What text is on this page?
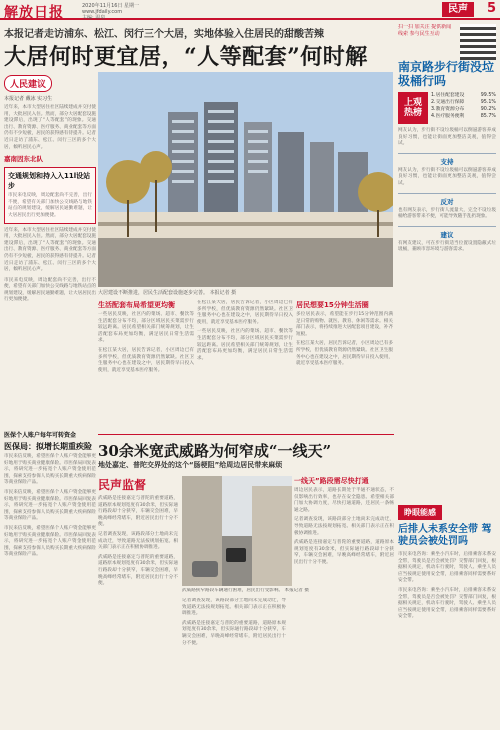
解放日报	2020年11月16日 星期一
www.jfdaily.com
主编: 温泉
民声	5
本报记者走访浦东、松江、闵行三个大居，实地体验入住居民的甜酸苦辣
大居何时更宜居，“人等配套”何时解
人民建议
本报记者 戴冰 实习生
近年来，本市大型居住社区陆续建成并交付使用，大批居民入住。然而，部分大居配套设施建设滞后，出现了“人等配套”的现象。交通出行、教育资源、医疗服务、商业配套等方面仍有不少短板，居民的获得感有待提升。记者近日走访了浦东、松江、闵行三区的多个大居，倾听居民心声。
嘉南因东北队
交通规划和持入入11l设站步
市民来电反映，周边配套尚不完善，出行不便，希望有关部门加快公交线路与地铁站点的规划建设，缓解居民通勤难题，让大居居民出行更加便捷。
近年来，本市大型居住社区陆续建成并交付使用，大批居民入住。然而，部分大居配套设施建设滞后，出现了“人等配套”的现象。交通出行、教育资源、医疗服务、商业配套等方面仍有不少短板，居民的获得感有待提升。记者近日走访了浦东、松江、闵行三区的多个大居，倾听居民心声。
市民来电反映，周边配套尚不完善，出行不便，希望有关部门加快公交线路与地铁站点的规划建设，缓解居民通勤难题，让大居居民出行更加便捷。
大居建设不断推进，居民生活配套设施逐步完善。 本报记者 摄
生活配套布局希望更均衡
一些居民反映，社区内的菜场、超市、餐饮等生活配套分布不均，部分区域居民买菜需步行较远距离。居民希望相关部门统筹规划，让生活配套布局更加均衡，满足居民日常生活需求。
在松江某大居，居民告诉记者，小区周边已有多所学校，但优质教育资源仍然紧缺。社区卫生服务中心也在建设之中，居民期待早日投入使用，就近享受基本医疗服务。
在松江某大居，居民告诉记者，小区周边已有多所学校，但优质教育资源仍然紧缺。社区卫生服务中心也在建设之中，居民期待早日投入使用，就近享受基本医疗服务。
一些居民反映，社区内的菜场、超市、餐饮等生活配套分布不均，部分区域居民买菜需步行较远距离。居民希望相关部门统筹规划，让生活配套布局更加均衡，满足居民日常生活需求。
居民想要15分钟生活圈
多位居民表示，希望能在步行15分钟范围内满足日常的购物、就医、教育、休闲等需求。相关部门表示，将持续推进大居配套项目建设，补齐短板。
在松江某大居，居民告诉记者，小区周边已有多所学校，但优质教育资源仍然紧缺。社区卫生服务中心也在建设之中，居民期待早日投入使用，就近享受基本医疗服务。
扫一扫 加关注 提供新闻线索 参与民生互动
南京路步行街没垃圾桶行吗
上观热榜
1.居住配套建设	99.5%
2.交通出行保障	95.1%
3.教育资源分布	90.2%
4.医疗服务便利	85.7%
网友认为，步行街不设垃圾桶可以倒逼游客养成良好习惯，也能让街面更加整洁美观，值得尝试。
支持
网友认为，步行街不设垃圾桶可以倒逼游客养成良好习惯，也能让街面更加整洁美观，值得尝试。
反对
也有网友表示，步行街人流量大，完全不设垃圾桶给游客带来不便，可能导致随手乱扔现象。
建议
有网友建议，可在步行街适当位置设置隐蔽式垃圾桶，兼顾市容环境与游客需求。
30余米宽武威路为何窄成“一线天”
地处嘉定、普陀交界处的这个“肠梗阻”给周边居民带来麻烦
医保个人账户每年可转资金
医保局：拟增长期重疾险
市民来信反映，希望医保个人账户资金能够更好地用于购买商业健康保险。市医保局回复表示，将研究进一步拓宽个人账户资金使用范围，探索支持参保人员购买长期重大疾病保险等商业保险产品。
市民来信反映，希望医保个人账户资金能够更好地用于购买商业健康保险。市医保局回复表示，将研究进一步拓宽个人账户资金使用范围，探索支持参保人员购买长期重大疾病保险等商业保险产品。
市民来信反映，希望医保个人账户资金能够更好地用于购买商业健康保险。市医保局回复表示，将研究进一步拓宽个人账户资金使用范围，探索支持参保人员购买长期重大疾病保险等商业保险产品。
民声监督
武威路是连接嘉定与普陀的重要道路，道路原本规划宽度有30余米，但实际通行路段却十分狭窄，车辆交会困难，早晚高峰经常堵车，附近居民出行十分不便。
记者调查发现，该路段部分土地尚未完成动迁，导致道路无法按规划拓宽。相关部门表示正在积极协调推进。
武威路是连接嘉定与普陀的重要道路，道路原本规划宽度有30余米，但实际通行路段却十分狭窄，车辆交会困难，早晚高峰经常堵车，附近居民出行十分不便。
武威路狭窄路段车辆通行困难，居民出行受影响。 本报记者 摄
记者调查发现，该路段部分土地尚未完成动迁，导致道路无法按规划拓宽。相关部门表示正在积极协调推进。
武威路是连接嘉定与普陀的重要道路，道路原本规划宽度有30余米，但实际通行路段却十分狭窄，车辆交会困难，早晚高峰经常堵车，附近居民出行十分不便。
一线天”路段需尽快打通
周边居民表示，道路长期处于半通不通状态，不仅影响出行效率，也存在安全隐患。希望相关部门加大协调力度，尽快打通道路，还居民一条畅通之路。
记者调查发现，该路段部分土地尚未完成动迁，导致道路无法按规划拓宽。相关部门表示正在积极协调推进。
武威路是连接嘉定与普陀的重要道路，道路原本规划宽度有30余米，但实际通行路段却十分狭窄，车辆交会困难，早晚高峰经常堵车，附近居民出行十分不便。
睁眼能感
后排人未系安全带 驾驶员会被处罚吗
市民来电咨询：乘坐小汽车时，后排乘客未系安全带，驾驶员是否会被处罚？交警部门回复，根据相关规定，机动车行驶时，驾驶人、乘坐人员应当按规定使用安全带，后排乘客同样需要系好安全带。
市民来电咨询：乘坐小汽车时，后排乘客未系安全带，驾驶员是否会被处罚？交警部门回复，根据相关规定，机动车行驶时，驾驶人、乘坐人员应当按规定使用安全带，后排乘客同样需要系好安全带。
